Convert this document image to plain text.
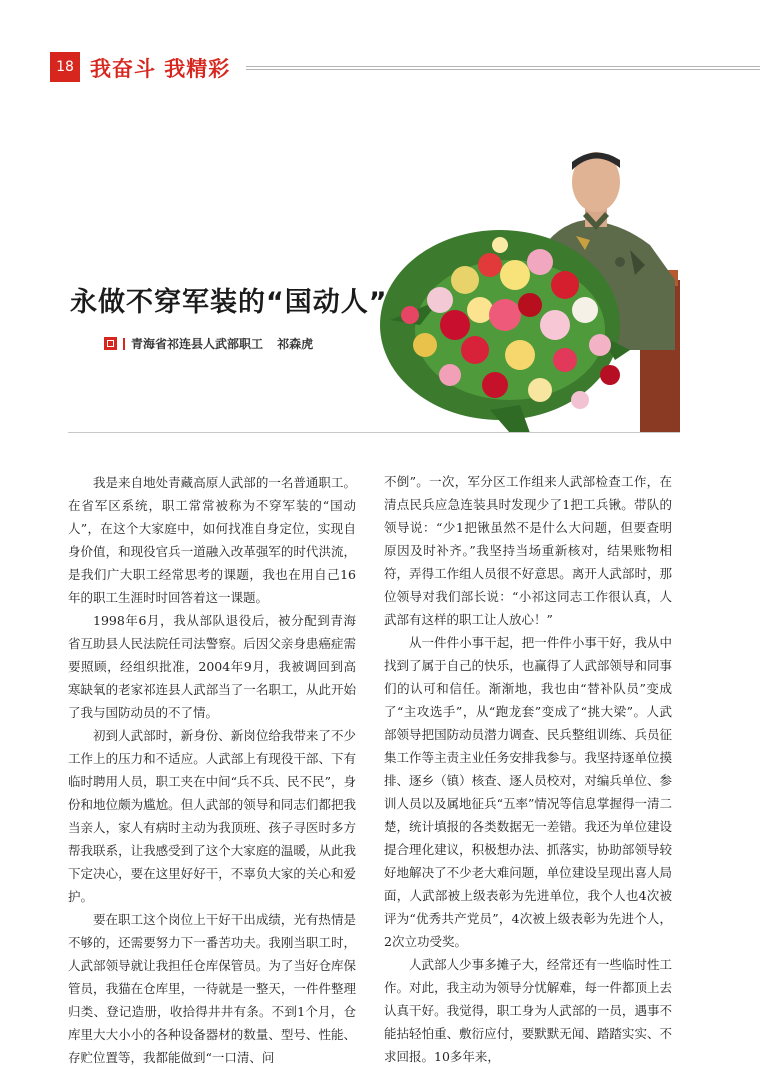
18 我奋斗 我精彩
永做不穿军装的“国动人”
青海省祁连县人武部职工 祁森虎

我是来自地处青藏高原人武部的一名普通职工。在省军区系统，职工常常被称为不穿军装的“国动人”，在这个大家庭中，如何找准自身定位，实现自身价值，和现役官兵一道融入改革强军的时代洪流，是我们广大职工经常思考的课题，我也在用自己16年的职工生涯时时回答着这一课题。

1998年6月，我从部队退役后，被分配到青海省互助县人民法院任司法警察。后因父亲身患癌症需要照顾，经组织批准，2004年9月，我被调回到高寒缺氧的老家祁连县人武部当了一名职工，从此开始了我与国防动员的不了情。

初到人武部时，新身份、新岗位给我带来了不少工作上的压力和不适应。人武部上有现役干部、下有临时聘用人员，职工夹在中间“兵不兵、民不民”，身份和地位颇为尴尬。但人武部的领导和同志们都把我当亲人，家人有病时主动为我顶班、孩子寻医时多方帮我联系，让我感受到了这个大家庭的温暖，从此我下定决心，要在这里好好干，不辜负大家的关心和爱护。

要在职工这个岗位上干好干出成绩，光有热情是不够的，还需要努力下一番苦功夫。我刚当职工时，人武部领导就让我担任仓库保管员。为了当好仓库保管员，我猫在仓库里，一待就是一整天，一件件整理归类、登记造册，收拾得井井有条。不到1个月，仓库里大大小小的各种设备器材的数量、型号、性能、存贮位置等，我都能做到“一口清、问

不倒”。一次，军分区工作组来人武部检查工作，在清点民兵应急连装具时发现少了1把工兵锹。带队的领导说：“少1把锹虽然不是什么大问题，但要查明原因及时补齐。”我坚持当场重新核对，结果账物相符，弄得工作组人员很不好意思。离开人武部时，那位领导对我们部长说：“小祁这同志工作很认真，人武部有这样的职工让人放心！”

从一件件小事干起，把一件件小事干好，我从中找到了属于自己的快乐，也赢得了人武部领导和同事们的认可和信任。渐渐地，我也由“替补队员”变成了“主攻选手”，从“跑龙套”变成了“挑大梁”。人武部领导把国防动员潜力调查、民兵整组训练、兵员征集工作等主责主业任务安排我参与。我坚持逐单位摸排、逐乡（镇）核查、逐人员校对，对编兵单位、参训人员以及属地征兵“五率”情况等信息掌握得一清二楚，统计填报的各类数据无一差错。我还为单位建设提合理化建议，积极想办法、抓落实，协助部领导较好地解决了不少老大难问题，单位建设呈现出喜人局面，人武部被上级表彰为先进单位，我个人也4次被评为“优秀共产党员”，4次被上级表彰为先进个人，2次立功受奖。

人武部人少事多摊子大，经常还有一些临时性工作。对此，我主动为领导分忧解难，每一件都顶上去认真干好。我觉得，职工身为人武部的一员，遇事不能拈轻怕重、敷衍应付，要默默无闻、踏踏实实、不求回报。10多年来，
